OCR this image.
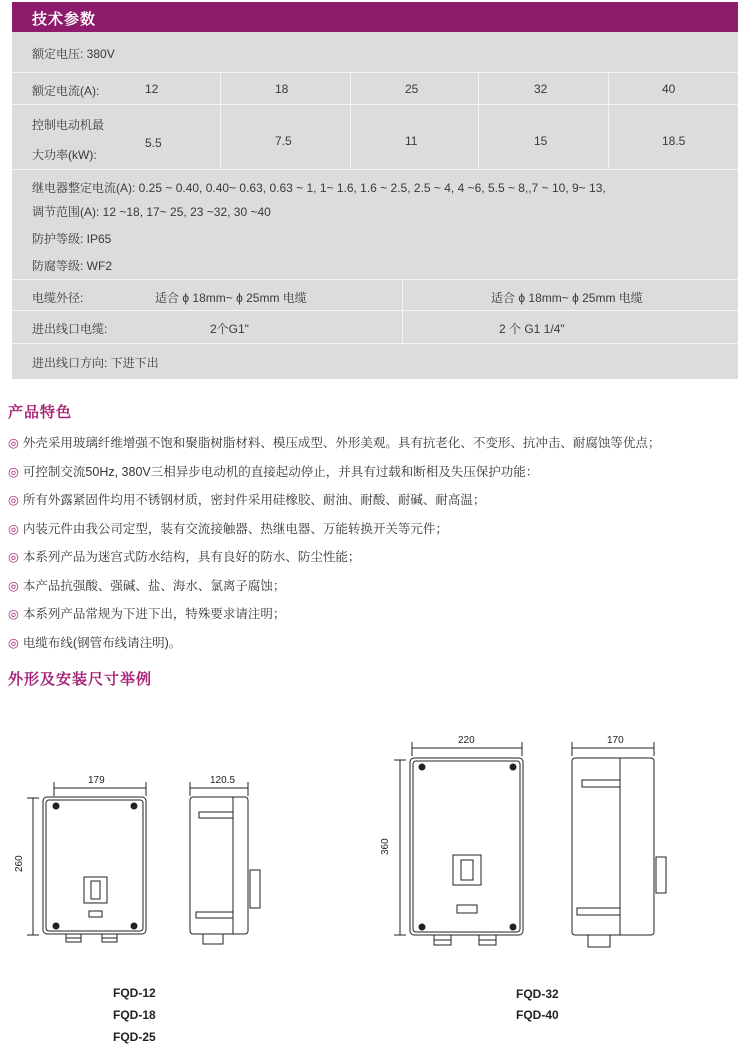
技术参数
额定电压: 380V
额定电流(A):	12	18	25	32	40
控制电动机最
大功率(kW):
5.5	7.5	11	15	18.5
继电器整定电流(A): 0.25 ~ 0.40, 0.40~ 0.63, 0.63 ~ 1, 1~ 1.6, 1.6 ~ 2.5, 2.5 ~ 4, 4 ~6, 5.5 ~ 8,,7 ~ 10, 9~ 13,
调节范围(A): 12 ~18, 17~ 25, 23 ~32, 30 ~40
防护等级: IP65
防腐等级: WF2
电缆外径:	适合 ϕ 18mm~ ϕ 25mm 电缆	适合 ϕ 18mm~ ϕ 25mm 电缆
进出线口电缆:	2个G1"	2 个 G1 1/4"
进出线口方向: 下进下出
产品特色
◎ 外壳采用玻璃纤维增强不饱和聚脂树脂材料、模压成型、外形美观。具有抗老化、不变形、抗冲击、耐腐蚀等优点；
◎ 可控制交流50Hz, 380V三相异步电动机的直接起动停止，并具有过载和断相及失压保护功能：
◎ 所有外露紧固件均用不锈钢材质，密封件采用硅橡胶、耐油、耐酸、耐碱、耐高温；
◎ 内装元件由我公司定型，装有交流接触器、热继电器、万能转换开关等元件；
◎ 本系列产品为迷宫式防水结构，具有良好的防水、防尘性能；
◎ 本产品抗强酸、强碱、盐、海水、氯离子腐蚀；
◎ 本系列产品常规为下进下出，特殊要求请注明；
◎ 电缆布线(钢管布线请注明)。
外形及安装尺寸举例
179	120.5
260
220	170
360
FQD-12
FQD-18
FQD-25
FQD-32
FQD-40
